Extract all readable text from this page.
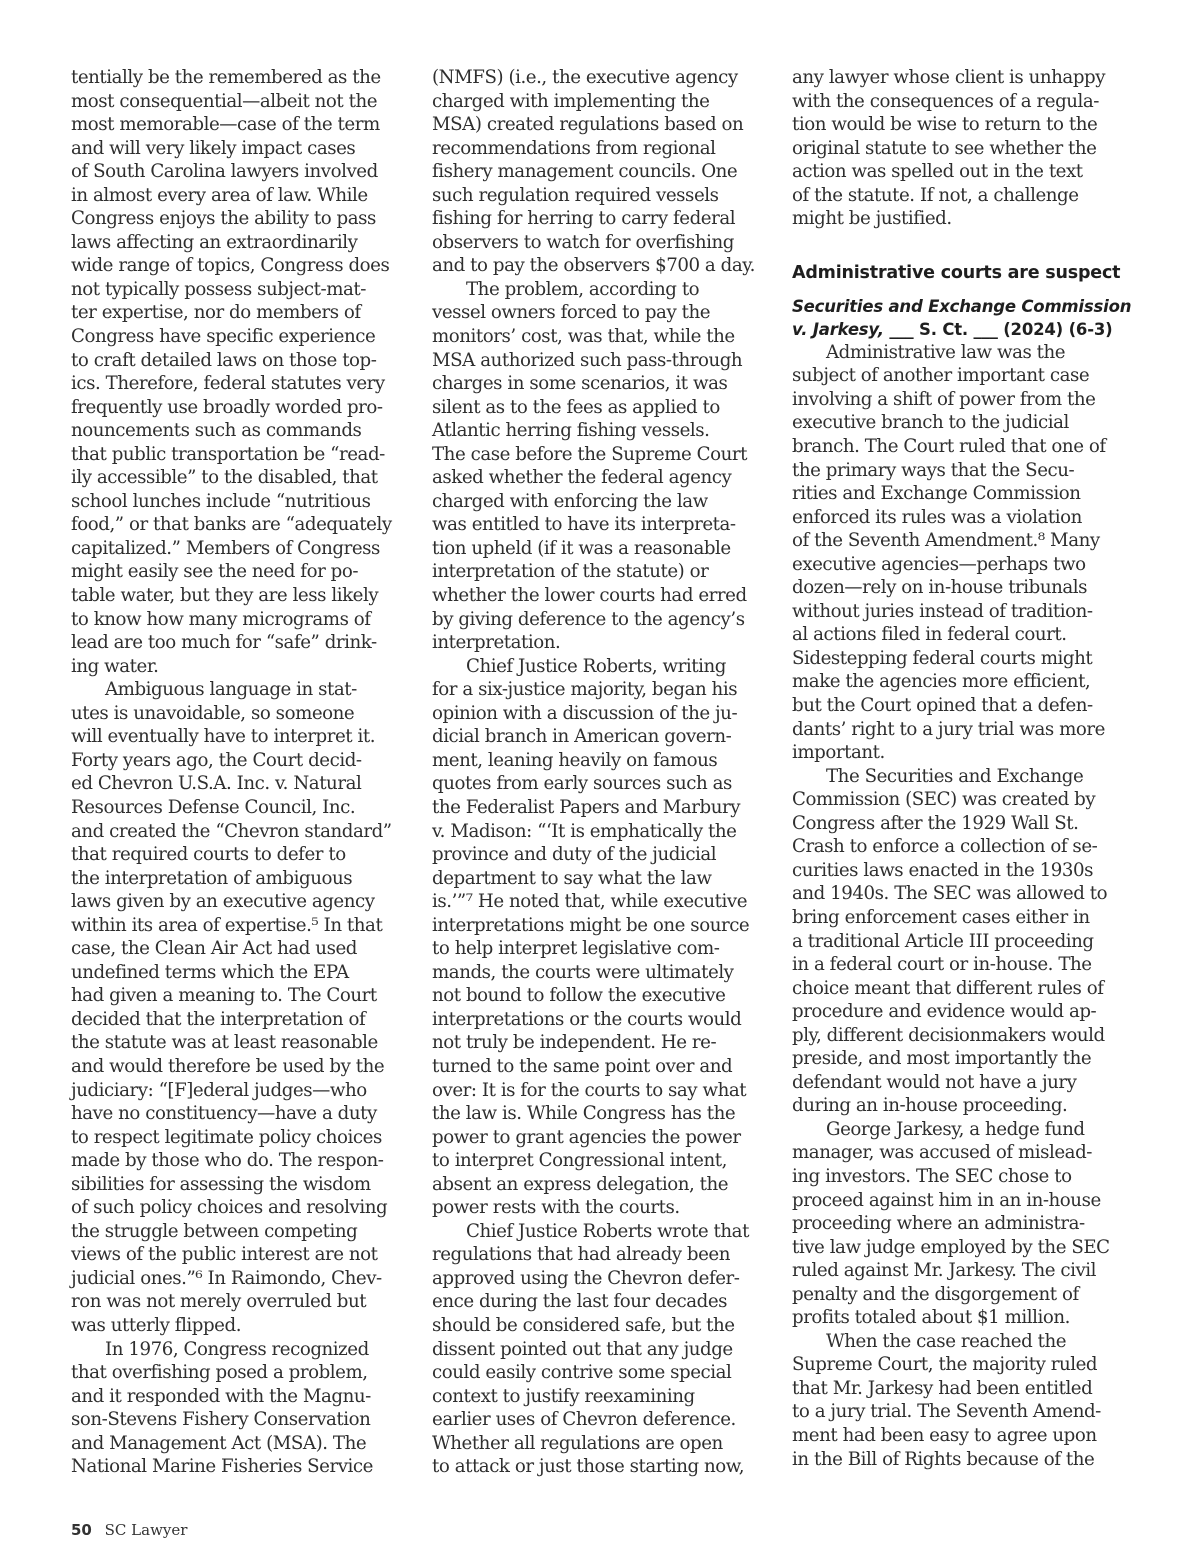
tentially be the remembered as the
most consequential—albeit not the
most memorable—case of the term
and will very likely impact cases
of South Carolina lawyers involved
in almost every area of law. While
Congress enjoys the ability to pass
laws affecting an extraordinarily
wide range of topics, Congress does
not typically possess subject-mat-
ter expertise, nor do members of
Congress have specific experience
to craft detailed laws on those top-
ics. Therefore, federal statutes very
frequently use broadly worded pro-
nouncements such as commands
that public transportation be “read-
ily accessible” to the disabled, that
school lunches include “nutritious
food,” or that banks are “adequately
capitalized.” Members of Congress
might easily see the need for po-
table water, but they are less likely
to know how many micrograms of
lead are too much for “safe” drink-
ing water.
Ambiguous language in stat-
utes is unavoidable, so someone
will eventually have to interpret it.
Forty years ago, the Court decid-
ed Chevron U.S.A. Inc. v. Natural
Resources Defense Council, Inc.
and created the “Chevron standard”
that required courts to defer to
the interpretation of ambiguous
laws given by an executive agency
within its area of expertise.⁵ In that
case, the Clean Air Act had used
undefined terms which the EPA
had given a meaning to. The Court
decided that the interpretation of
the statute was at least reasonable
and would therefore be used by the
judiciary: “[F]ederal judges—who
have no constituency—have a duty
to respect legitimate policy choices
made by those who do. The respon-
sibilities for assessing the wisdom
of such policy choices and resolving
the struggle between competing
views of the public interest are not
judicial ones.”⁶ In Raimondo, Chev-
ron was not merely overruled but
was utterly flipped.
In 1976, Congress recognized
that overfishing posed a problem,
and it responded with the Magnu-
son-Stevens Fishery Conservation
and Management Act (MSA). The
National Marine Fisheries Service
(NMFS) (i.e., the executive agency
charged with implementing the
MSA) created regulations based on
recommendations from regional
fishery management councils. One
such regulation required vessels
fishing for herring to carry federal
observers to watch for overfishing
and to pay the observers $700 a day.
The problem, according to
vessel owners forced to pay the
monitors’ cost, was that, while the
MSA authorized such pass-through
charges in some scenarios, it was
silent as to the fees as applied to
Atlantic herring fishing vessels.
The case before the Supreme Court
asked whether the federal agency
charged with enforcing the law
was entitled to have its interpreta-
tion upheld (if it was a reasonable
interpretation of the statute) or
whether the lower courts had erred
by giving deference to the agency’s
interpretation.
Chief Justice Roberts, writing
for a six-justice majority, began his
opinion with a discussion of the ju-
dicial branch in American govern-
ment, leaning heavily on famous
quotes from early sources such as
the Federalist Papers and Marbury
v. Madison: “‘It is emphatically the
province and duty of the judicial
department to say what the law
is.’”⁷ He noted that, while executive
interpretations might be one source
to help interpret legislative com-
mands, the courts were ultimately
not bound to follow the executive
interpretations or the courts would
not truly be independent. He re-
turned to the same point over and
over: It is for the courts to say what
the law is. While Congress has the
power to grant agencies the power
to interpret Congressional intent,
absent an express delegation, the
power rests with the courts.
Chief Justice Roberts wrote that
regulations that had already been
approved using the Chevron defer-
ence during the last four decades
should be considered safe, but the
dissent pointed out that any judge
could easily contrive some special
context to justify reexamining
earlier uses of Chevron deference.
Whether all regulations are open
to attack or just those starting now,
any lawyer whose client is unhappy
with the consequences of a regula-
tion would be wise to return to the
original statute to see whether the
action was spelled out in the text
of the statute. If not, a challenge
might be justified.
Administrative courts are suspect

Securities and Exchange Commission
v. Jarkesy, ___ S. Ct. ___ (2024) (6-3)

Administrative law was the
subject of another important case
involving a shift of power from the
executive branch to the judicial
branch. The Court ruled that one of
the primary ways that the Secu-
rities and Exchange Commission
enforced its rules was a violation
of the Seventh Amendment.⁸ Many
executive agencies—perhaps two
dozen—rely on in-house tribunals
without juries instead of tradition-
al actions filed in federal court.
Sidestepping federal courts might
make the agencies more efficient,
but the Court opined that a defen-
dants’ right to a jury trial was more
important.
The Securities and Exchange
Commission (SEC) was created by
Congress after the 1929 Wall St.
Crash to enforce a collection of se-
curities laws enacted in the 1930s
and 1940s. The SEC was allowed to
bring enforcement cases either in
a traditional Article III proceeding
in a federal court or in-house. The
choice meant that different rules of
procedure and evidence would ap-
ply, different decisionmakers would
preside, and most importantly the
defendant would not have a jury
during an in-house proceeding.
George Jarkesy, a hedge fund
manager, was accused of mislead-
ing investors. The SEC chose to
proceed against him in an in-house
proceeding where an administra-
tive law judge employed by the SEC
ruled against Mr. Jarkesy. The civil
penalty and the disgorgement of
profits totaled about $1 million.
When the case reached the
Supreme Court, the majority ruled
that Mr. Jarkesy had been entitled
to a jury trial. The Seventh Amend-
ment had been easy to agree upon
in the Bill of Rights because of the
50 SC Lawyer
